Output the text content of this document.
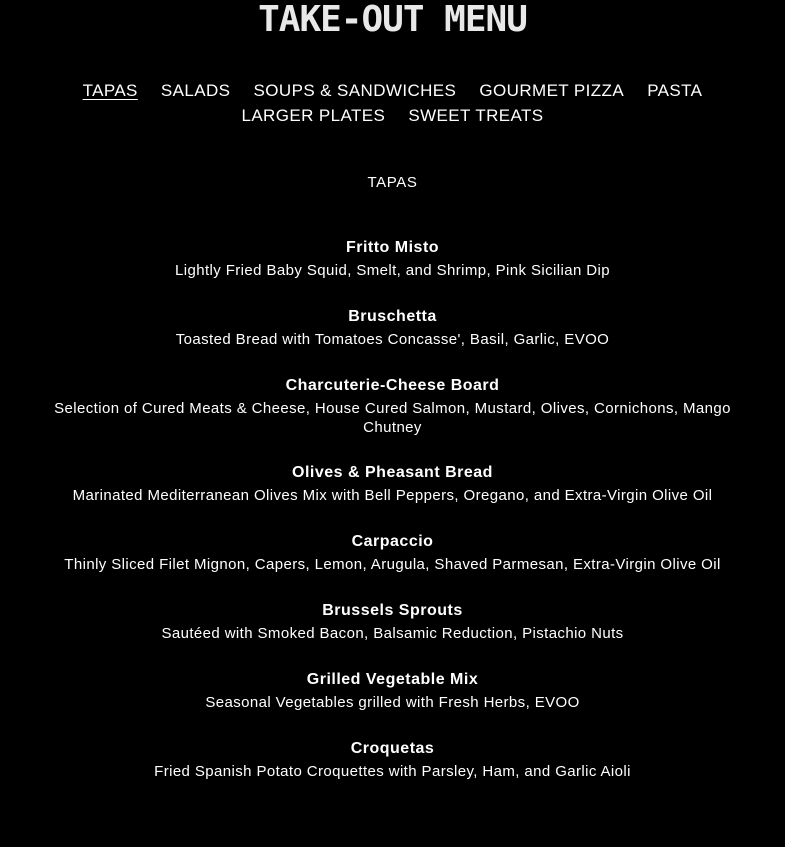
TAKE-OUT MENU
TAPAS SALADS SOUPS & SANDWICHES GOURMET PIZZA PASTA
LARGER PLATES SWEET TREATS
TAPAS
Fritto Misto
Lightly Fried Baby Squid, Smelt, and Shrimp, Pink Sicilian Dip
Bruschetta
Toasted Bread with Tomatoes Concasse', Basil, Garlic, EVOO
Charcuterie-Cheese Board
Selection of Cured Meats & Cheese, House Cured Salmon, Mustard, Olives, Cornichons, Mango Chutney
Olives & Pheasant Bread
Marinated Mediterranean Olives Mix with Bell Peppers, Oregano, and Extra-Virgin Olive Oil
Carpaccio
Thinly Sliced Filet Mignon, Capers, Lemon, Arugula, Shaved Parmesan, Extra-Virgin Olive Oil
Brussels Sprouts
Sautéed with Smoked Bacon, Balsamic Reduction, Pistachio Nuts
Grilled Vegetable Mix
Seasonal Vegetables grilled with Fresh Herbs, EVOO
Croquetas
Fried Spanish Potato Croquettes with Parsley, Ham, and Garlic Aioli
